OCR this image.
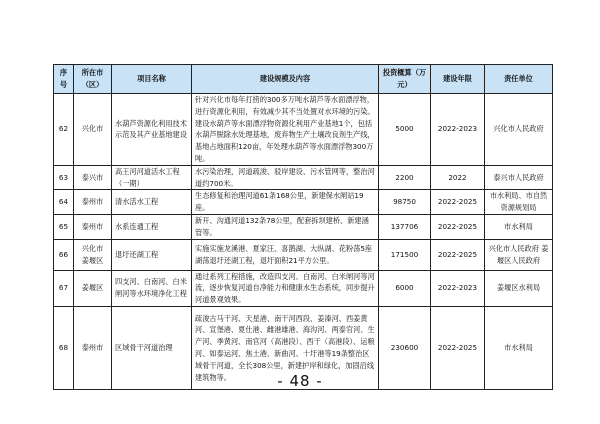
序号	所在市（区）	项目名称	建设规模及内容	投资概算（万元）	建设年限	责任单位
62	兴化市	水葫芦资源化利用技术示范及其产业基地建设	针对兴化市每年打捞的300多万吨水葫芦等水面漂浮物，进行资源化利用，有效减少其不当处置对水环境的污染。建设水葫芦等水面漂浮物资源化利用产业基地1个，包括水葫芦脱除水处理基地，废弃物生产土壤改良剂生产线，基地占地面积120亩，年处理水葫芦等水面漂浮物300万吨。	5000	2022-2023	兴化市人民政府
63	泰兴市	高王河河道活水工程（一期）	水污染治理，河道疏浚、驳岸建设、污水管网等，整治河道约700米。	2200	2022	泰兴市人民政府
64	泰州市	清水活水工程	生态修复和治理河道61条168公里，新建保水闸站19座。	98750	2022-2025	市水利局、市自然资源规划局
65	泰州市	水系连通工程	新开、沟通河道132条78公里，配套拆坝建桥、新建涵管等。	137706	2022-2025	市水利局
66	兴化市 姜堰区	退圩还湖工程	实施实施龙溪港、夏家汪、喜鹊湖、大纵湖、花粉荡5座湖荡退圩还湖工程，退圩面积21平方公里。	171500	2022-2025	兴化市人民政府 姜堰区人民政府
67	姜堰区	四支河、白南河、白米闸河等水环境净化工程	通过系列工程措施，改造四支河、白南河、白米闸河等河流，逐步恢复河道自净能力和健康水生态系统，同步提升河道景观效果。	6000	2022-2023	姜堰区水利局
68	泰州市	区域骨干河道治理	疏浚古马干河、天星港、南干河西段、姜溱河、西姜黄河、宣堡港、夏仕港、雌港雄港、海沟河、两泰官河、生产河、季黄河、南官河（高港段）、西干（高港段）、运粮河、如泰运河、焦土港、新曲河、十圩港等19条整治区域骨干河道，全长308公里，新建护岸和绿化，加固沿线建筑物等。	230600	2022-2025	市水利局
- 48 -
